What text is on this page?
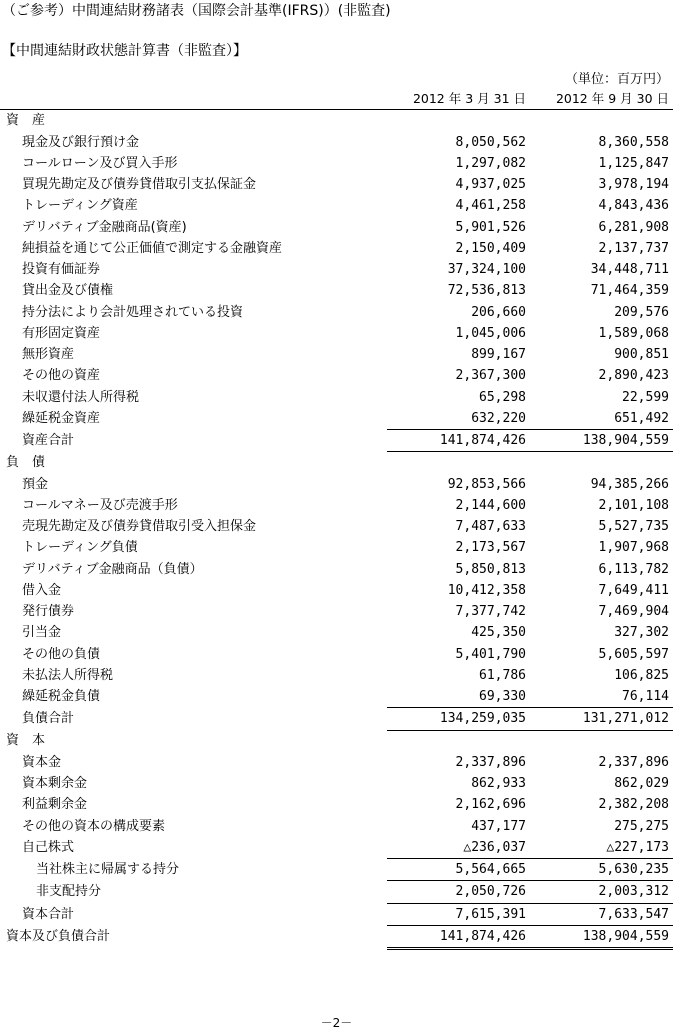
（ご参考）中間連結財務諸表（国際会計基準(IFRS)）(非監査)
【中間連結財政状態計算書（非監査）】
（単位：百万円）
	2012 年 3 月 31 日	2012 年 9 月 30 日
資　産		
現金及び銀行預け金	8,050,562	8,360,558
コールローン及び買入手形	1,297,082	1,125,847
買現先勘定及び債券貸借取引支払保証金	4,937,025	3,978,194
トレーディング資産	4,461,258	4,843,436
デリバティブ金融商品(資産)	5,901,526	6,281,908
純損益を通じて公正価値で測定する金融資産	2,150,409	2,137,737
投資有価証券	37,324,100	34,448,711
貸出金及び債権	72,536,813	71,464,359
持分法により会計処理されている投資	206,660	209,576
有形固定資産	1,045,006	1,589,068
無形資産	899,167	900,851
その他の資産	2,367,300	2,890,423
未収還付法人所得税	65,298	22,599
繰延税金資産	632,220	651,492
資産合計	141,874,426	138,904,559
負　債		
預金	92,853,566	94,385,266
コールマネー及び売渡手形	2,144,600	2,101,108
売現先勘定及び債券貸借取引受入担保金	7,487,633	5,527,735
トレーディング負債	2,173,567	1,907,968
デリバティブ金融商品（負債）	5,850,813	6,113,782
借入金	10,412,358	7,649,411
発行債券	7,377,742	7,469,904
引当金	425,350	327,302
その他の負債	5,401,790	5,605,597
未払法人所得税	61,786	106,825
繰延税金負債	69,330	76,114
負債合計	134,259,035	131,271,012
資　本		
資本金	2,337,896	2,337,896
資本剰余金	862,933	862,029
利益剰余金	2,162,696	2,382,208
その他の資本の構成要素	437,177	275,275
自己株式	△236,037	△227,173
当社株主に帰属する持分	5,564,665	5,630,235
非支配持分	2,050,726	2,003,312
資本合計	7,615,391	7,633,547
資本及び負債合計	141,874,426	138,904,559
－2－
